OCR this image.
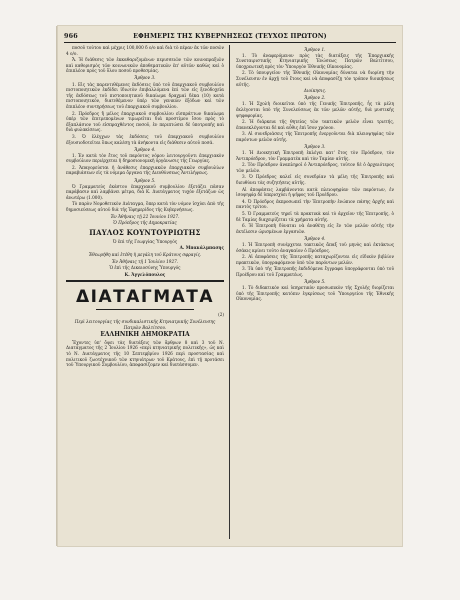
966	ΕΦΗΜΕΡΙΣ ΤΗΣ ΚΥΒΕΡΝΗΣΕΩΣ (ΤΕΥΧΟΣ ΠΡΩΤΟΝ)

ποσοῦ τούτου καὶ μέχρις 100,000 δ ο/ο καὶ διὰ τὸ πέραν ἐκ τῶν ποσῶν 4 ο/ο.

Ἄ. Ἡ διάθεσις τῶν ἐκκαθαριζομένων περισσειῶν τῶν κοινοπραξιῶν καὶ καθορισμὸς τῶν κοινωνικῶν ἀποθεματικῶν ἐπ' αὐτῶν καθὼς καὶ ὁ ἐπιπλέον πρὸς τοῦ ὅλου ποσοῦ προθεσμίας.

Ἄρθρον 3.

1. Εἰς τὰς παρεντιθέμενες ἐκδόσεις ὑπὸ τοῦ ἐπαρχιακοῦ συμβουλίου πιστοποιητικῶν ἐκδίδει ἰδιωτὸν ἐπιβαλλόμενα ἐπὶ τῶν εἰς ξενόδοχεῖα τῆς ἐκδόσεως τοῦ πιστοποιητικοῦ δικαίωμα δραχμαὶ δέκα (10) κατὰ πιστοποιητικὸν, διατιθέμενον ὑπὲρ τῶν γενικῶν ἐξόδων καὶ τῶν ἐπιπλέον συντηρήσεως τοῦ ἐπαρχιακοῦ συμβουλίου.

2. Πρόεδρος ἢ μέλος ἐπαρχιακοῦ συμβουλίου εἰσπράττων δικαίωμα ὑπὲρ τῶν ἐπιτρεπομένων τιμωρεῖται διὰ προστίμου ἴσου πρὸς τὸ ἐξαπλάσιον τοῦ εἰσπραχθέντος ποσοῦ, ἐν περιπτώσει δὲ ὑποτροπῆς καὶ διὰ φυλακίσεως.

3. Ὁ ἐλέγχων τὰς ἐκδόσεις τοῦ ἐπαρχιακοῦ συμβουλίου ἐξουσιοδοτεῖται ὅπως καλέσῃ τὰ ἀνήκοντα εἰς διάθεσιν αὐτοῦ ποσά.

Ἄρθρον 4.

1. Ἐν κατὰ τὸν ἔτος τοῦ παρόντος νόμου λειτουργοῦντι ἐπαρχιακὸν συμβούλιον περιέρχεται ἡ δημοσιονομικὴ ὀργάνωσις τῆς Γεωργίας.

2. Ἀπαγορεύεται ἡ ἀνάθεσις ἐπαρχιακῶν ἐπαρχιακῶν συμβουλίων παραβιάσεων εἰς τὰ νόμιμα ὄργανα τῆς Διευθύνσεως Ἀντιλήψεως.

Ἄρθρον 5.

Ὁ Γραμματεὺς ἐκάστου ἐπαρχιακοῦ συμβουλίου ἐξετάζει πᾶσαν παράβασιν καὶ λαμβάνει μέτρα, διὰ Κ. Διατάγματος τυχὸν ἐξετάζων ὡς ἀνωτέρω (1.000).

Τὸ παρὸν Νομοθετικὸν Διάταγμα, ὅπερ κατὰ τὸν νόμον ἰσχύει ἀπὸ τῆς δημοσιεύσεως αὐτοῦ διὰ τῆς Ἐφημερίδος τῆς Κυβερνήσεως.

Ἐν Ἀθήναις τῇ 22 Ἰουνίου 1927.

Ὁ Πρόεδρος τῆς Δημοκρατίας

ΠΑΥΛΟΣ ΚΟΥΝΤΟΥΡΙΩΤΗΣ

Ὁ ἐπὶ τῆς Γεωργίας Ὑπουργός

Α. Μπακάλμπασης

Ἐθεωρήθη καὶ ἐτέθη ἡ μεγάλη τοῦ Κράτους σφραγίς.

Ἐν Ἀθήναις τῇ 1 Ἰουλίου 1927.

Ὁ ἐπὶ τῆς Δικαιοσύνης Ὑπουργός

Κ. Ἀγγελόπουλος

ΔΙΑΤΑΓΜΑΤΑ

(2)

Περὶ λειτουργίας τῆς συνδικαλιστικῆς Κτηνιατρικῆς Συνέλευσης Πατρῶν Βαλτίτσου.

ΕΛΛΗΝΙΚΗ ΔΗΜΟΚΡΑΤΙΑ

Ἔχοντες ὑπ' ὄψει τὰς διατάξεις τῶν ἄρθρων 8 καὶ 3 τοῦ Ν. Διατάγματος τῆς 2 Ἰουλίου 1926 «περὶ κτηνιατρικῆς πολιτικῆς», ὡς καὶ τὸ Ν. Διατάγματος τῆς 10 Σεπτεμβρίου 1926 περὶ προστασίας καὶ πολιτικοῦ ζωοτέχνικοῦ τῶν κτηνιάτρων τοῦ Κράτους, ἐπὶ τῇ προτάσει τοῦ Ὑπουργικοῦ Συμβουλίου, ἀποφασίζομεν καὶ διατάσσομεν.

Ἄρθρον 1.

1. Τὸ ἀναφερόμενον πρὸς τὰς διατάξεις τῆς Ἐπαρχιακῆς Συνεταιριστικῆς Κτηνιατρικῆς Ἐνώσεως Πατρῶν Βαλτίτσου, ὑποχρεωτικὴ πρὸς τὸν Ὑπουργὸν Ἐθνικῆς Οἰκονομίας.

2. Τὸ ὑπουργεῖον τῆς Ἐθνικῆς Οἰκονομίας δύναται νὰ διορίσῃ τὴν Συνέλευσιν ἐν ἀρχῇ τοῦ ἔτους καὶ νὰ ἀποφασίζῃ τὸν τρόπον διοικήσεως αὐτῆς.

Διοίκησις.

Ἄρθρον 2.

1. Ἡ Σχολὴ διοικεῖται ὑπὸ τῆς Γενικῆς Ἐπιτροπῆς, ἧς τὰ μέλη ἐκλέγονται ὑπὸ τῆς Συνελεύσεως ἐκ τῶν μελῶν αὐτῆς, διὰ μυστικῆς ψηφοφορίας.

2. Ἡ διάρκεια τῆς θητείας τῶν τακτικῶν μελῶν εἶναι τριετής, ἐπανεκλέγονται δὲ καὶ αὖθις ἐπὶ ἴσον χρόνον.

3. Αἱ συνεδριάσεις τῆς Ἐπιτροπῆς ἐνεργοῦνται διὰ πλειοψηφίας τῶν παρόντων μελῶν αὐτῆς.

Ἄρθρον 3.

1. Ἡ Διοικητικὴ Ἐπιτροπὴ ἐκλέγει κατ' ἔτος τὸν Πρόεδρον, τὸν Ἀντιπρόεδρον, τὸν Γραμματέα καὶ τὸν Ταμίαν αὐτῆς.

2. Τὸν Πρόεδρον ἀναπληροῖ ὁ Ἀντιπρόεδρος, τοῦτον δὲ ὁ ἀρχαιότερος τῶν μελῶν.

3. Ὁ Πρόεδρος καλεῖ εἰς συνεδρίαν τὰ μέλη τῆς Ἐπιτροπῆς καὶ διευθύνει τὰς συζητήσεις αὐτῆς.

Αἱ ἀποφάσεις λαμβάνονται κατὰ πλειοψηφίαν τῶν παρόντων, ἐν ἰσοψηφίᾳ δὲ ὑπερισχύει ἡ ψῆφος τοῦ Προέδρου.

4. Ὁ Πρόεδρος ἐκπροσωπεῖ τὴν Ἐπιτροπὴν ἐνώπιον πάσης ἀρχῆς καὶ παντὸς τρίτου.

5. Ὁ Γραμματεὺς τηρεῖ τὰ πρακτικὰ καὶ τὸ ἀρχεῖον τῆς Ἐπιτροπῆς, ὁ δὲ Ταμίας διαχειρίζεται τὰ χρήματα αὐτῆς.

6. Ἡ Ἐπιτροπὴ δύναται νὰ ἀναθέτῃ εἰς ἓν τῶν μελῶν αὐτῆς τὴν ἐκτέλεσιν ὡρισμένων ἐργασιῶν.

Ἄρθρον 4.

1. Ἡ Ἐπιτροπὴ συνέρχεται τακτικῶς ἅπαξ τοῦ μηνὸς καὶ ἐκτάκτως ὁσάκις κρίνει τοῦτο ἀναγκαῖον ὁ Πρόεδρος.

2. Αἱ ἀποφάσεις τῆς Ἐπιτροπῆς καταχωρίζονται εἰς εἰδικὸν βιβλίον πρακτικῶν, ὑπογραφόμενον ὑπὸ τῶν παρόντων μελῶν.

3. Τὰ ὑπὸ τῆς Ἐπιτροπῆς ἐκδιδόμενα ἔγγραφα ὑπογράφονται ὑπὸ τοῦ Προέδρου καὶ τοῦ Γραμματέως.

Ἄρθρον 5.

1. Τὸ διδακτικὸν καὶ ὑπηρετικὸν προσωπικὸν τῆς Σχολῆς διορίζεται ὑπὸ τῆς Ἐπιτροπῆς κατόπιν ἐγκρίσεως τοῦ Ὑπουργείου τῆς Ἐθνικῆς Οἰκονομίας.
